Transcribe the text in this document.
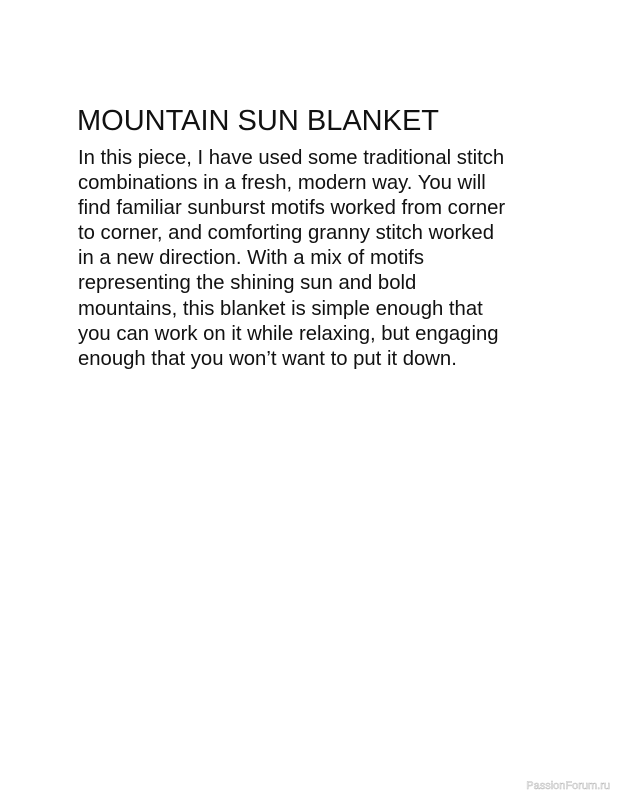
MOUNTAIN SUN BLANKET
In this piece, I have used some traditional stitch
combinations in a fresh, modern way. You will
find familiar sunburst motifs worked from corner
to corner, and comforting granny stitch worked
in a new direction. With a mix of motifs
representing the shining sun and bold
mountains, this blanket is simple enough that
you can work on it while relaxing, but engaging
enough that you won’t want to put it down.
PassionForum.ru
